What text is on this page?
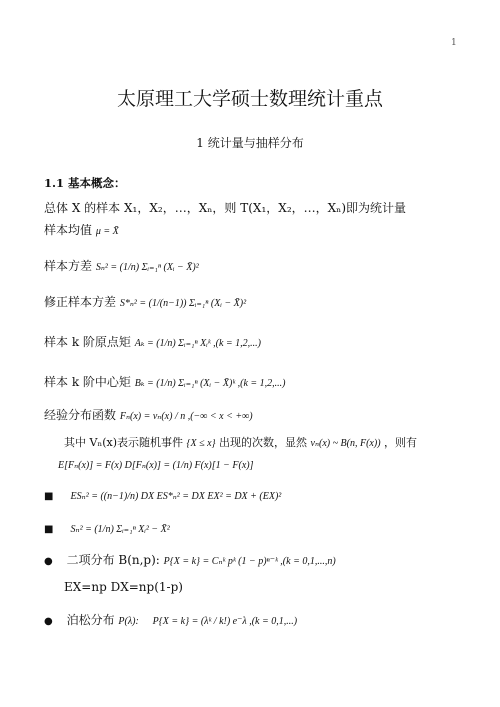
1
太原理工大学硕士数理统计重点
1 统计量与抽样分布
1.1 基本概念：
总体 X 的样本 X₁，X₂，…，Xₙ，则 T(X₁，X₂，…，Xₙ)即为统计量
样本均值 μ = X̄
样本方差 Sₙ² = (1/n) Σᵢ₌₁ⁿ (Xᵢ − X̄)²
修正样本方差 S*ₙ² = (1/(n−1)) Σᵢ₌₁ⁿ (Xᵢ − X̄)²
样本 k 阶原点矩 Aₖ = (1/n) Σᵢ₌₁ⁿ Xᵢᵏ ,(k = 1,2,...)
样本 k 阶中心矩 Bₖ = (1/n) Σᵢ₌₁ⁿ (Xᵢ − X̄)ᵏ ,(k = 1,2,...)
经验分布函数 Fₙ(x) = νₙ(x) / n ,(−∞ < x < +∞)
其中 Vₙ(x)表示随机事件 {X ≤ x} 出现的次数，显然 νₙ(x) ~ B(n, F(x)) ，则有
E[Fₙ(x)] = F(x) D[Fₙ(x)] = (1/n) F(x)[1 − F(x)]
■ ESₙ² = ((n−1)/n) DX ES*ₙ² = DX EX² = DX + (EX)²
■ Sₙ² = (1/n) Σᵢ₌₁ⁿ Xᵢ² − X̄²
● 二项分布 B(n,p): P{X = k} = Cₙᵏ pᵏ (1 − p)ⁿ⁻ᵏ ,(k = 0,1,...,n)
EX=np DX=np(1-p)
● 泊松分布 P(λ): P{X = k} = (λᵏ / k!) e⁻λ ,(k = 0,1,...)
